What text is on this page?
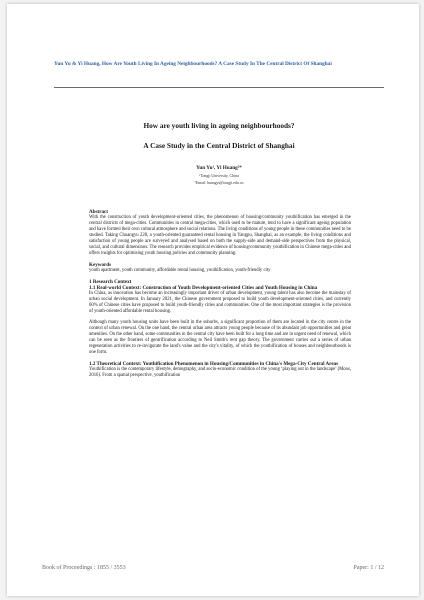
Yun Yu & Yi Huang, How Are Youth Living In Ageing Neighbourhoods? A Case Study In The Central District Of Shanghai
How are youth living in ageing neighbourhoods?
A Case Study in the Central District of Shanghai
Yun Yu¹, Yi Huang²*
¹Tongji University, China
²Email: huangyi@tongji.edu.cn
Abstract
With the construction of youth development-oriented cities, the phenomenon of housing/community youthification has emerged in the central districts of mega-cities. Communities in central mega-cities, which used to be mature, tend to have a significant ageing population and have formed their own cultural atmosphere and social relations. The living conditions of young people in these communities need to be studied. Taking Chuangyu 228, a youth-oriented guaranteed rental housing in Yangpu, Shanghai, as an example, the living conditions and satisfaction of young people are surveyed and analysed based on both the supply-side and demand-side perspectives from the physical, social, and cultural dimensions. The research provides empirical evidence of housing/community youthification in Chinese mega-cities and offers insights for optimising youth housing policies and community planning.
Keywords
youth apartment, youth community, affordable rental housing, youthification, youth-friendly city
1 Research Context
1.1 Real-world Context: Construction of Youth Development-oriented Cities and Youth Housing in China
In China, as innovation has become an increasingly important driver of urban development, young talent has also become the mainstay of urban social development. In January 2021, the Chinese government proposed to build youth development-oriented cities, and currently 60% of Chinese cities have proposed to build youth-friendly cities and communities. One of the most important strategies is the provision of youth-oriented affordable rental housing.
Although many youth housing units have been built in the suburbs, a significant proportion of them are located in the city centre in the context of urban renewal. On the one hand, the central urban area attracts young people because of its abundant job opportunities and great amenities. On the other hand, some communities in the central city have been built for a long time and are in urgent need of renewal, which can be seen as the frontiers of gentrification according to Neil Smith's rent gap theory. The government carries out a series of urban regeneration activities to re-invigorate the land's value and the city's vitality, of which the youthification of houses and neighbourhoods is one form.
1.2 Theoretical Context: Youthification Phenomenon in Housing/Communities in China's Mega-City Central Areas
Youthification is the contemporary lifestyle, demography, and socio-economic condition of the young ‘playing out in the landscape’ (Moos, 2016). From a spatial perspective, youthification
Book of Proceedings : 1855 / 3553	Paper: 1 / 12
